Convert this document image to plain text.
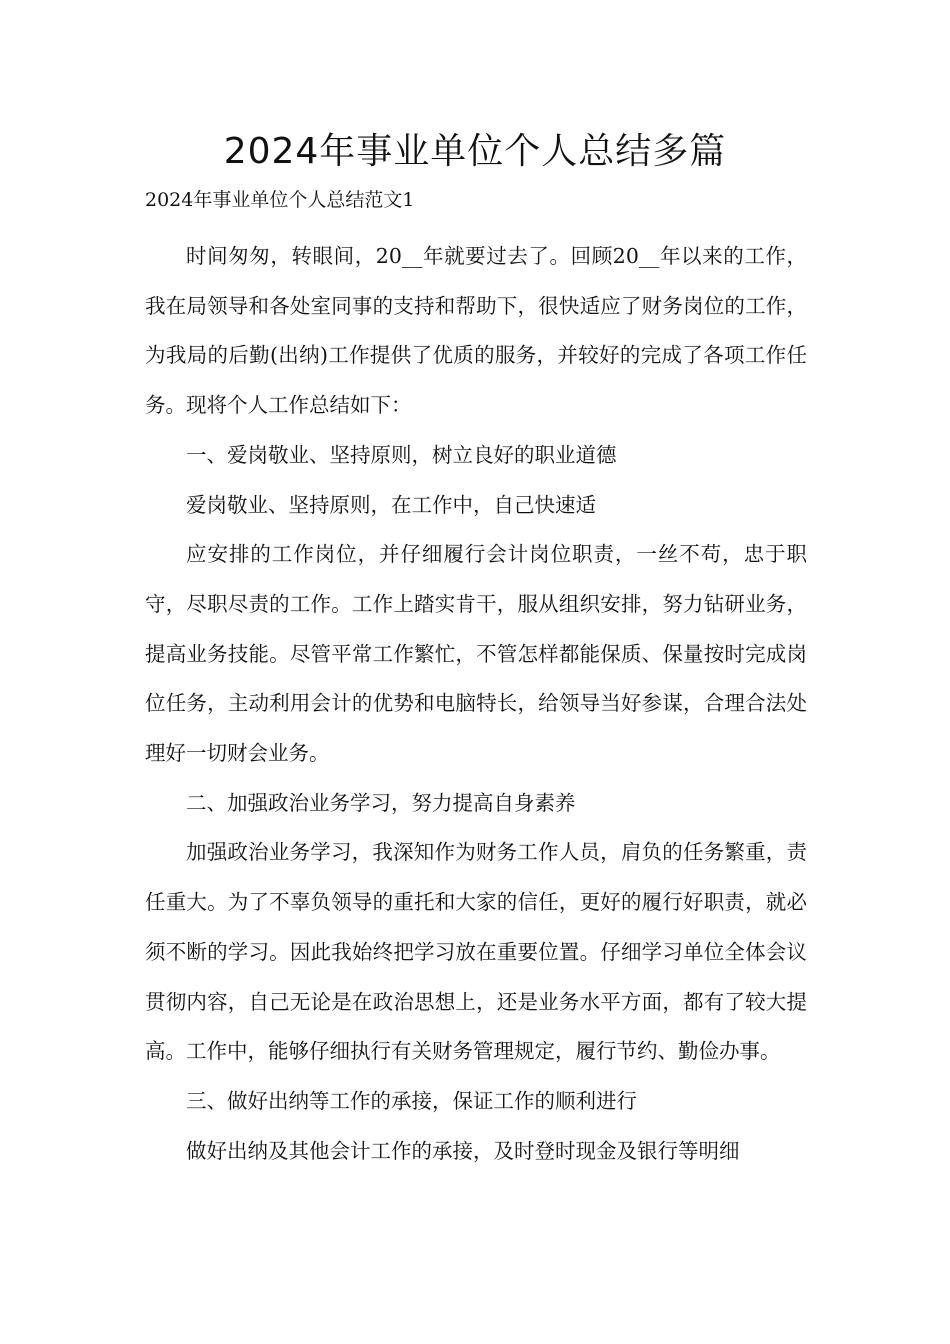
2024年事业单位个人总结多篇
2024年事业单位个人总结范文1

时间匆匆，转眼间，20__年就要过去了。回顾20__年以来的工作，我在局领导和各处室同事的支持和帮助下，很快适应了财务岗位的工作，为我局的后勤(出纳)工作提供了优质的服务，并较好的完成了各项工作任务。现将个人工作总结如下：

一、爱岗敬业、坚持原则，树立良好的职业道德

爱岗敬业、坚持原则，在工作中，自己快速适

应安排的工作岗位，并仔细履行会计岗位职责，一丝不苟，忠于职守，尽职尽责的工作。工作上踏实肯干，服从组织安排，努力钻研业务，提高业务技能。尽管平常工作繁忙，不管怎样都能保质、保量按时完成岗位任务，主动利用会计的优势和电脑特长，给领导当好参谋，合理合法处理好一切财会业务。

二、加强政治业务学习，努力提高自身素养

加强政治业务学习，我深知作为财务工作人员，肩负的任务繁重，责任重大。为了不辜负领导的重托和大家的信任，更好的履行好职责，就必须不断的学习。因此我始终把学习放在重要位置。仔细学习单位全体会议贯彻内容，自己无论是在政治思想上，还是业务水平方面，都有了较大提高。工作中，能够仔细执行有关财务管理规定，履行节约、勤俭办事。

三、做好出纳等工作的承接，保证工作的顺利进行

做好出纳及其他会计工作的承接，及时登时现金及银行等明细
